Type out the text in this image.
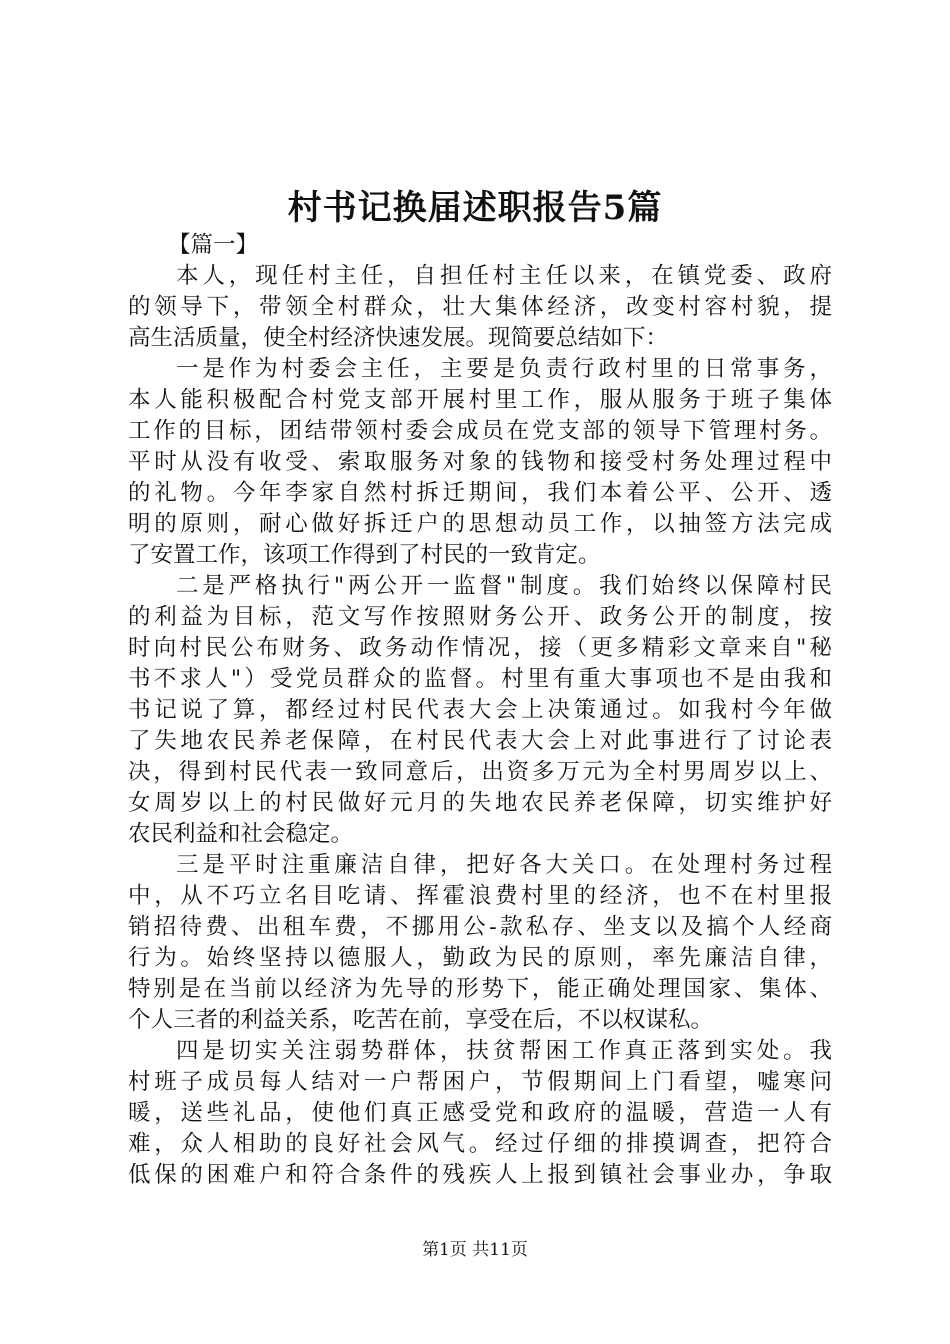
村书记换届述职报告5篇
【篇一】
本人，现任村主任，自担任村主任以来，在镇党委、政府
的领导下，带领全村群众，壮大集体经济，改变村容村貌，提
高生活质量，使全村经济快速发展。现简要总结如下：
一是作为村委会主任，主要是负责行政村里的日常事务，
本人能积极配合村党支部开展村里工作，服从服务于班子集体
工作的目标，团结带领村委会成员在党支部的领导下管理村务。
平时从没有收受、索取服务对象的钱物和接受村务处理过程中
的礼物。今年李家自然村拆迁期间，我们本着公平、公开、透
明的原则，耐心做好拆迁户的思想动员工作，以抽签方法完成
了安置工作，该项工作得到了村民的一致肯定。
二是严格执行"两公开一监督"制度。我们始终以保障村民
的利益为目标，范文写作按照财务公开、政务公开的制度，按
时向村民公布财务、政务动作情况，接（更多精彩文章来自"秘
书不求人"）受党员群众的监督。村里有重大事项也不是由我和
书记说了算，都经过村民代表大会上决策通过。如我村今年做
了失地农民养老保障，在村民代表大会上对此事进行了讨论表
决，得到村民代表一致同意后，出资多万元为全村男周岁以上、
女周岁以上的村民做好元月的失地农民养老保障，切实维护好
农民利益和社会稳定。
三是平时注重廉洁自律，把好各大关口。在处理村务过程
中，从不巧立名目吃请、挥霍浪费村里的经济，也不在村里报
销招待费、出租车费，不挪用公-款私存、坐支以及搞个人经商
行为。始终坚持以德服人，勤政为民的原则，率先廉洁自律，
特别是在当前以经济为先导的形势下，能正确处理国家、集体、
个人三者的利益关系，吃苦在前，享受在后，不以权谋私。
四是切实关注弱势群体，扶贫帮困工作真正落到实处。我
村班子成员每人结对一户帮困户，节假期间上门看望，嘘寒问
暖，送些礼品，使他们真正感受党和政府的温暖，营造一人有
难，众人相助的良好社会风气。经过仔细的排摸调查，把符合
低保的困难户和符合条件的残疾人上报到镇社会事业办，争取
第1页 共11页
